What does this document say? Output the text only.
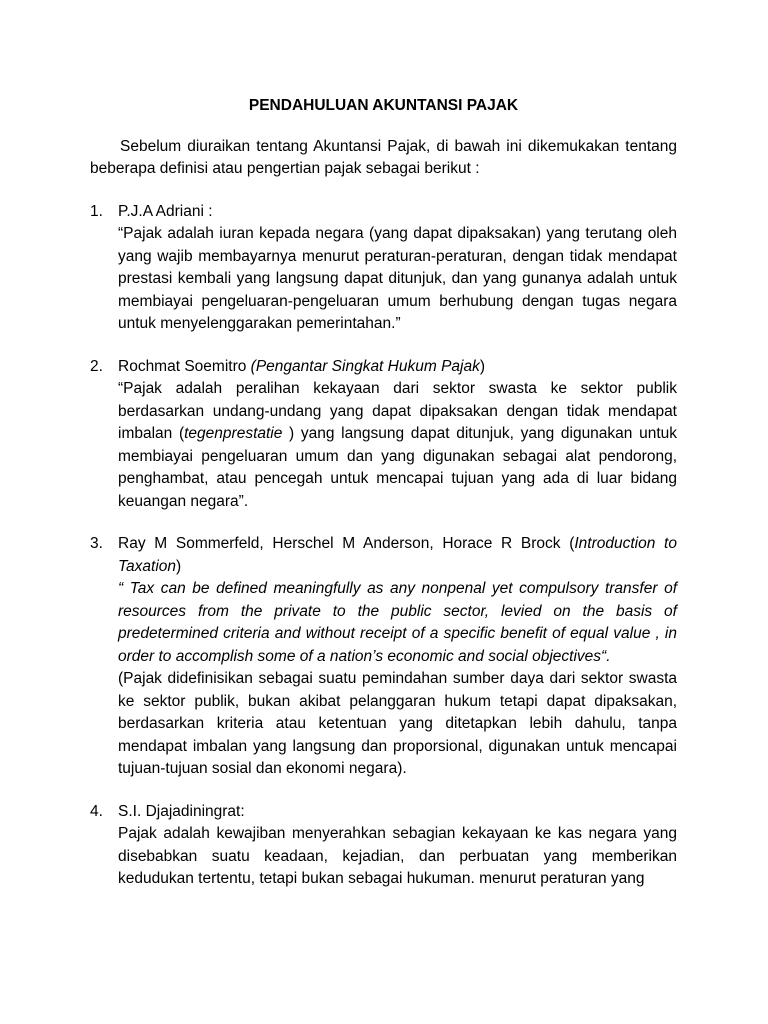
PENDAHULUAN AKUNTANSI PAJAK

Sebelum diuraikan tentang Akuntansi Pajak, di bawah ini dikemukakan tentang beberapa definisi atau pengertian pajak sebagai berikut :

1. P.J.A Adriani :

“Pajak adalah iuran kepada negara (yang dapat dipaksakan) yang terutang oleh yang wajib membayarnya menurut peraturan-peraturan, dengan tidak mendapat prestasi kembali yang langsung dapat ditunjuk, dan yang gunanya adalah untuk membiayai pengeluaran-pengeluaran umum berhubung dengan tugas negara untuk menyelenggarakan pemerintahan.”

2. Rochmat Soemitro (Pengantar Singkat Hukum Pajak)

“Pajak adalah peralihan kekayaan dari sektor swasta ke sektor publik berdasarkan undang-undang yang dapat dipaksakan dengan tidak mendapat imbalan (tegenprestatie ) yang langsung dapat ditunjuk, yang digunakan untuk membiayai pengeluaran umum dan yang digunakan sebagai alat pendorong, penghambat, atau pencegah untuk mencapai tujuan yang ada di luar bidang keuangan negara”.

3. Ray M Sommerfeld, Herschel M Anderson, Horace R Brock (Introduction to Taxation)

“ Tax can be defined meaningfully as any nonpenal yet compulsory transfer of resources from the private to the public sector, levied on the basis of predetermined criteria and without receipt of a specific benefit of equal value , in order to accomplish some of a nation’s economic and social objectives“.

(Pajak didefinisikan sebagai suatu pemindahan sumber daya dari sektor swasta ke sektor publik, bukan akibat pelanggaran hukum tetapi dapat dipaksakan, berdasarkan kriteria atau ketentuan yang ditetapkan lebih dahulu, tanpa mendapat imbalan yang langsung dan proporsional, digunakan untuk mencapai tujuan-tujuan sosial dan ekonomi negara).

4. S.I. Djajadiningrat:

Pajak adalah kewajiban menyerahkan sebagian kekayaan ke kas negara yang disebabkan suatu keadaan, kejadian, dan perbuatan yang memberikan kedudukan tertentu, tetapi bukan sebagai hukuman. menurut peraturan yang
